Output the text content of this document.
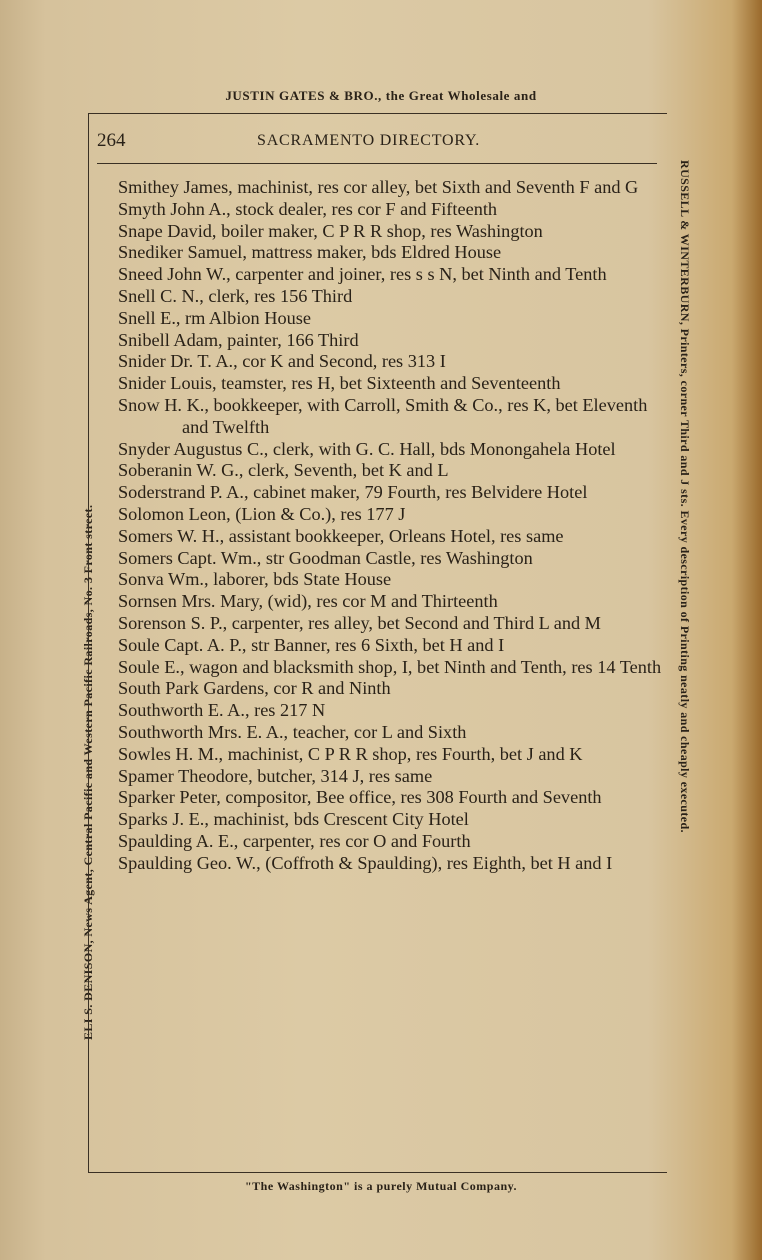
JUSTIN GATES & BRO., the Great Wholesale and
ELI S. DENISON, News Agent, Central Pacific and Western Pacific Railroads, No. 3 Front street.	RUSSELL & WINTERBURN, Printers, corner Third and J sts. Every description of Printing neatly and cheaply executed.
264	SACRAMENTO DIRECTORY.
Smithey James, machinist, res cor alley, bet Sixth and Seventh F and G
Smyth John A., stock dealer, res cor F and Fifteenth
Snape David, boiler maker, C P R R shop, res Washington
Snediker Samuel, mattress maker, bds Eldred House
Sneed John W., carpenter and joiner, res s s N, bet Ninth and Tenth
Snell C. N., clerk, res 156 Third
Snell E., rm Albion House
Snibell Adam, painter, 166 Third
Snider Dr. T. A., cor K and Second, res 313 I
Snider Louis, teamster, res H, bet Sixteenth and Seventeenth
Snow H. K., bookkeeper, with Carroll, Smith & Co., res K, bet Eleventh and Twelfth
Snyder Augustus C., clerk, with G. C. Hall, bds Monongahela Hotel
Soberanin W. G., clerk, Seventh, bet K and L
Soderstrand P. A., cabinet maker, 79 Fourth, res Belvidere Hotel
Solomon Leon, (Lion & Co.), res 177 J
Somers W. H., assistant bookkeeper, Orleans Hotel, res same
Somers Capt. Wm., str Goodman Castle, res Washington
Sonva Wm., laborer, bds State House
Sornsen Mrs. Mary, (wid), res cor M and Thirteenth
Sorenson S. P., carpenter, res alley, bet Second and Third L and M
Soule Capt. A. P., str Banner, res 6 Sixth, bet H and I
Soule E., wagon and blacksmith shop, I, bet Ninth and Tenth, res 14 Tenth
South Park Gardens, cor R and Ninth
Southworth E. A., res 217 N
Southworth Mrs. E. A., teacher, cor L and Sixth
Sowles H. M., machinist, C P R R shop, res Fourth, bet J and K
Spamer Theodore, butcher, 314 J, res same
Sparker Peter, compositor, Bee office, res 308 Fourth and Seventh
Sparks J. E., machinist, bds Crescent City Hotel
Spaulding A. E., carpenter, res cor O and Fourth
Spaulding Geo. W., (Coffroth & Spaulding), res Eighth, bet H and I
"The Washington" is a purely Mutual Company.
